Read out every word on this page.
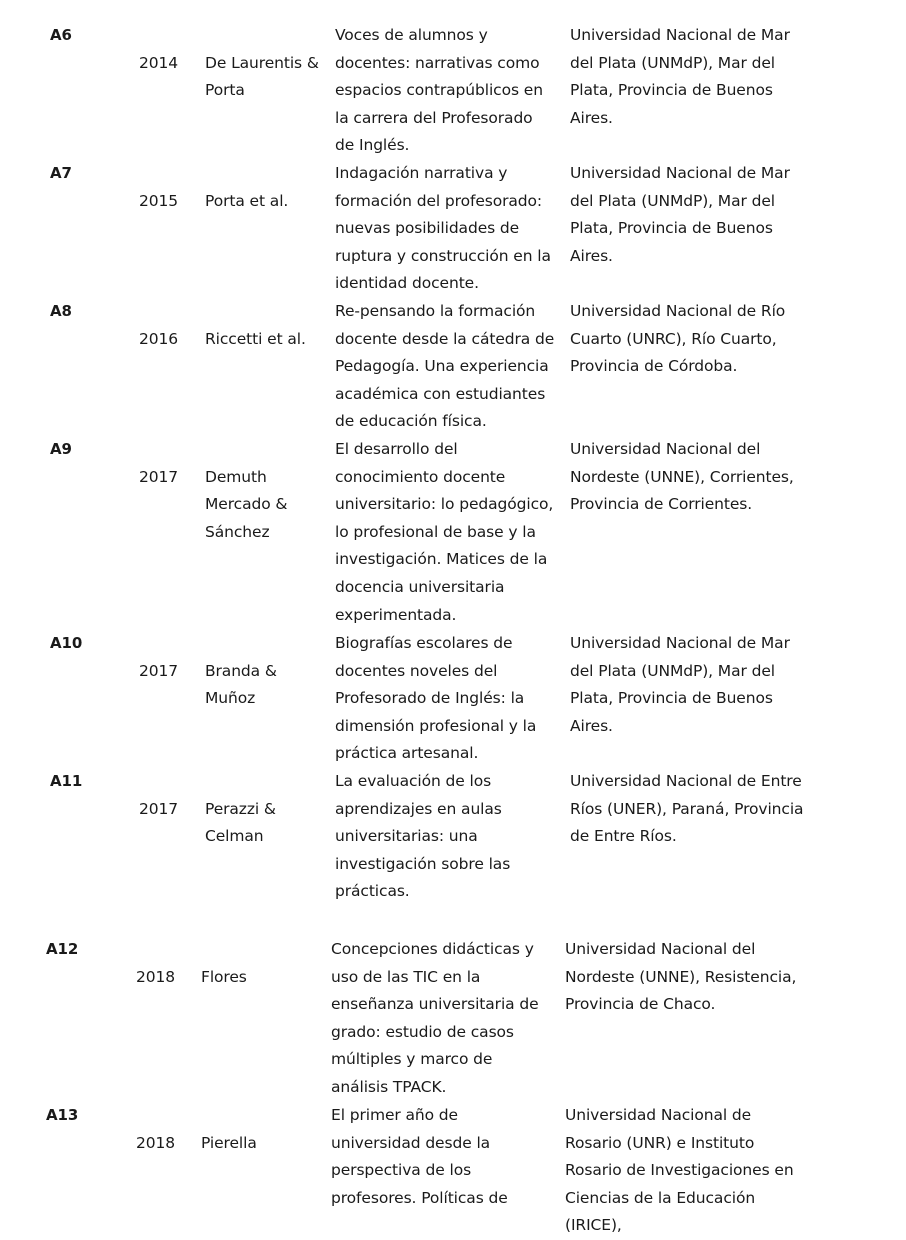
A6
2014 De Laurentis &
Porta
Voces de alumnos y
docentes: narrativas como
espacios contrapúblicos en
la carrera del Profesorado
de Inglés.
Universidad Nacional de Mar
del Plata (UNMdP), Mar del
Plata, Provincia de Buenos
Aires.
A7
2015 Porta et al.
Indagación narrativa y
formación del profesorado:
nuevas posibilidades de
ruptura y construcción en la
identidad docente.
Universidad Nacional de Mar
del Plata (UNMdP), Mar del
Plata, Provincia de Buenos
Aires.
A8
2016 Riccetti et al.
Re-pensando la formación
docente desde la cátedra de
Pedagogía. Una experiencia
académica con estudiantes
de educación física.
Universidad Nacional de Río
Cuarto (UNRC), Río Cuarto,
Provincia de Córdoba.
A9
2017 Demuth
Mercado &
Sánchez
El desarrollo del
conocimiento docente
universitario: lo pedagógico,
lo profesional de base y la
investigación. Matices de la
docencia universitaria
experimentada.
Universidad Nacional del
Nordeste (UNNE), Corrientes,
Provincia de Corrientes.
A10
2017 Branda &
Muñoz
Biografías escolares de
docentes noveles del
Profesorado de Inglés: la
dimensión profesional y la
práctica artesanal.
Universidad Nacional de Mar
del Plata (UNMdP), Mar del
Plata, Provincia de Buenos
Aires.
A11
2017 Perazzi &
Celman
La evaluación de los
aprendizajes en aulas
universitarias: una
investigación sobre las
prácticas.
Universidad Nacional de Entre
Ríos (UNER), Paraná, Provincia
de Entre Ríos.
A12
2018 Flores
Concepciones didácticas y
uso de las TIC en la
enseñanza universitaria de
grado: estudio de casos
múltiples y marco de
análisis TPACK.
Universidad Nacional del
Nordeste (UNNE), Resistencia,
Provincia de Chaco.
A13
2018 Pierella
El primer año de
universidad desde la
perspectiva de los
profesores. Políticas de
Universidad Nacional de
Rosario (UNR) e Instituto
Rosario de Investigaciones en
Ciencias de la Educación (IRICE),
